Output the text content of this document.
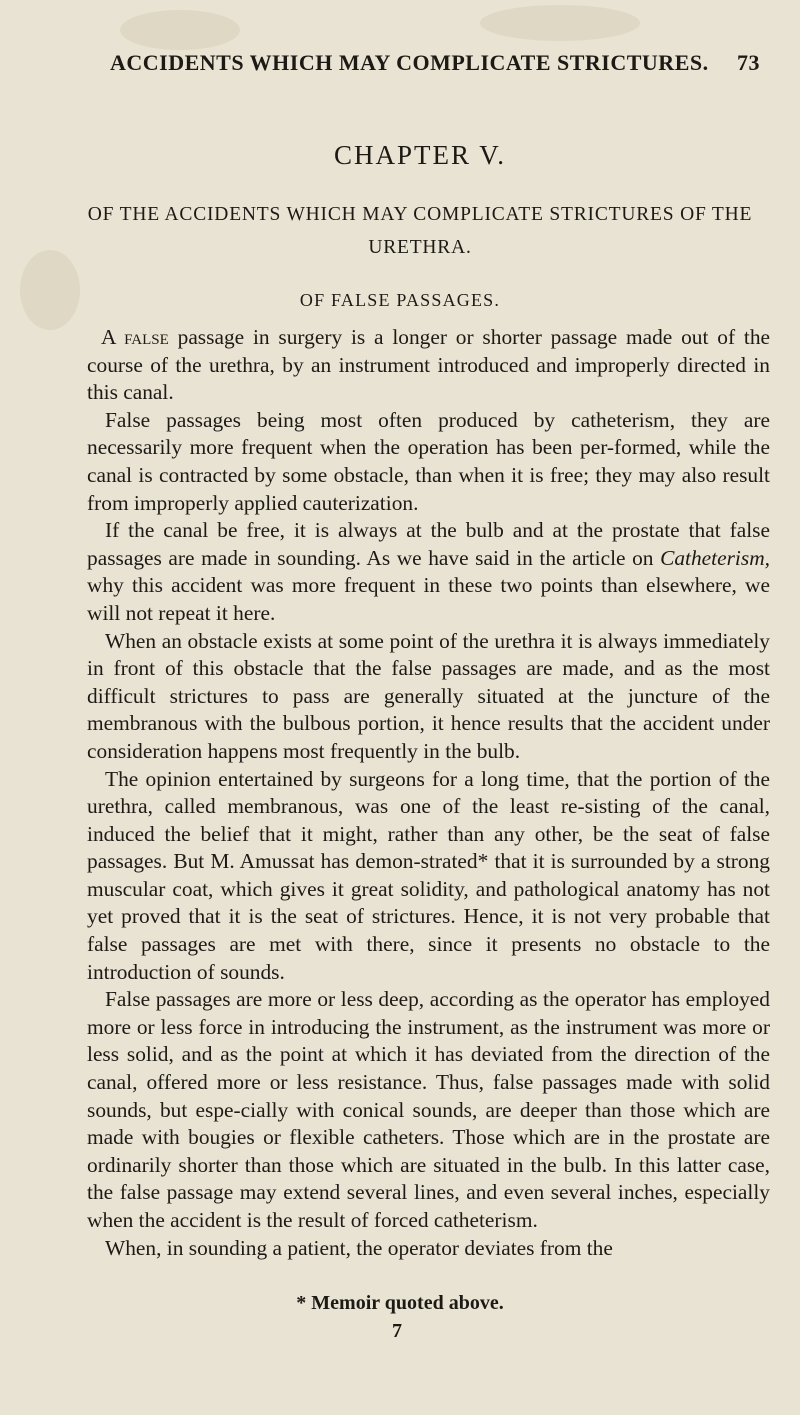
ACCIDENTS WHICH MAY COMPLICATE STRICTURES. 73
CHAPTER V.
OF THE ACCIDENTS WHICH MAY COMPLICATE STRICTURES OF THE URETHRA.
OF FALSE PASSAGES.

A false passage in surgery is a longer or shorter passage made out of the course of the urethra, by an instrument introduced and improperly directed in this canal.

False passages being most often produced by catheterism, they are necessarily more frequent when the operation has been per-formed, while the canal is contracted by some obstacle, than when it is free; they may also result from improperly applied cauterization.

If the canal be free, it is always at the bulb and at the prostate that false passages are made in sounding. As we have said in the article on Catheterism, why this accident was more frequent in these two points than elsewhere, we will not repeat it here.

When an obstacle exists at some point of the urethra it is always immediately in front of this obstacle that the false passages are made, and as the most difficult strictures to pass are generally situated at the juncture of the membranous with the bulbous portion, it hence results that the accident under consideration happens most frequently in the bulb.

The opinion entertained by surgeons for a long time, that the portion of the urethra, called membranous, was one of the least re-sisting of the canal, induced the belief that it might, rather than any other, be the seat of false passages. But M. Amussat has demon-strated* that it is surrounded by a strong muscular coat, which gives it great solidity, and pathological anatomy has not yet proved that it is the seat of strictures. Hence, it is not very probable that false passages are met with there, since it presents no obstacle to the introduction of sounds.

False passages are more or less deep, according as the operator has employed more or less force in introducing the instrument, as the instrument was more or less solid, and as the point at which it has deviated from the direction of the canal, offered more or less resistance. Thus, false passages made with solid sounds, but espe-cially with conical sounds, are deeper than those which are made with bougies or flexible catheters. Those which are in the prostate are ordinarily shorter than those which are situated in the bulb. In this latter case, the false passage may extend several lines, and even several inches, especially when the accident is the result of forced catheterism.

When, in sounding a patient, the operator deviates from the

* Memoir quoted above.
7
